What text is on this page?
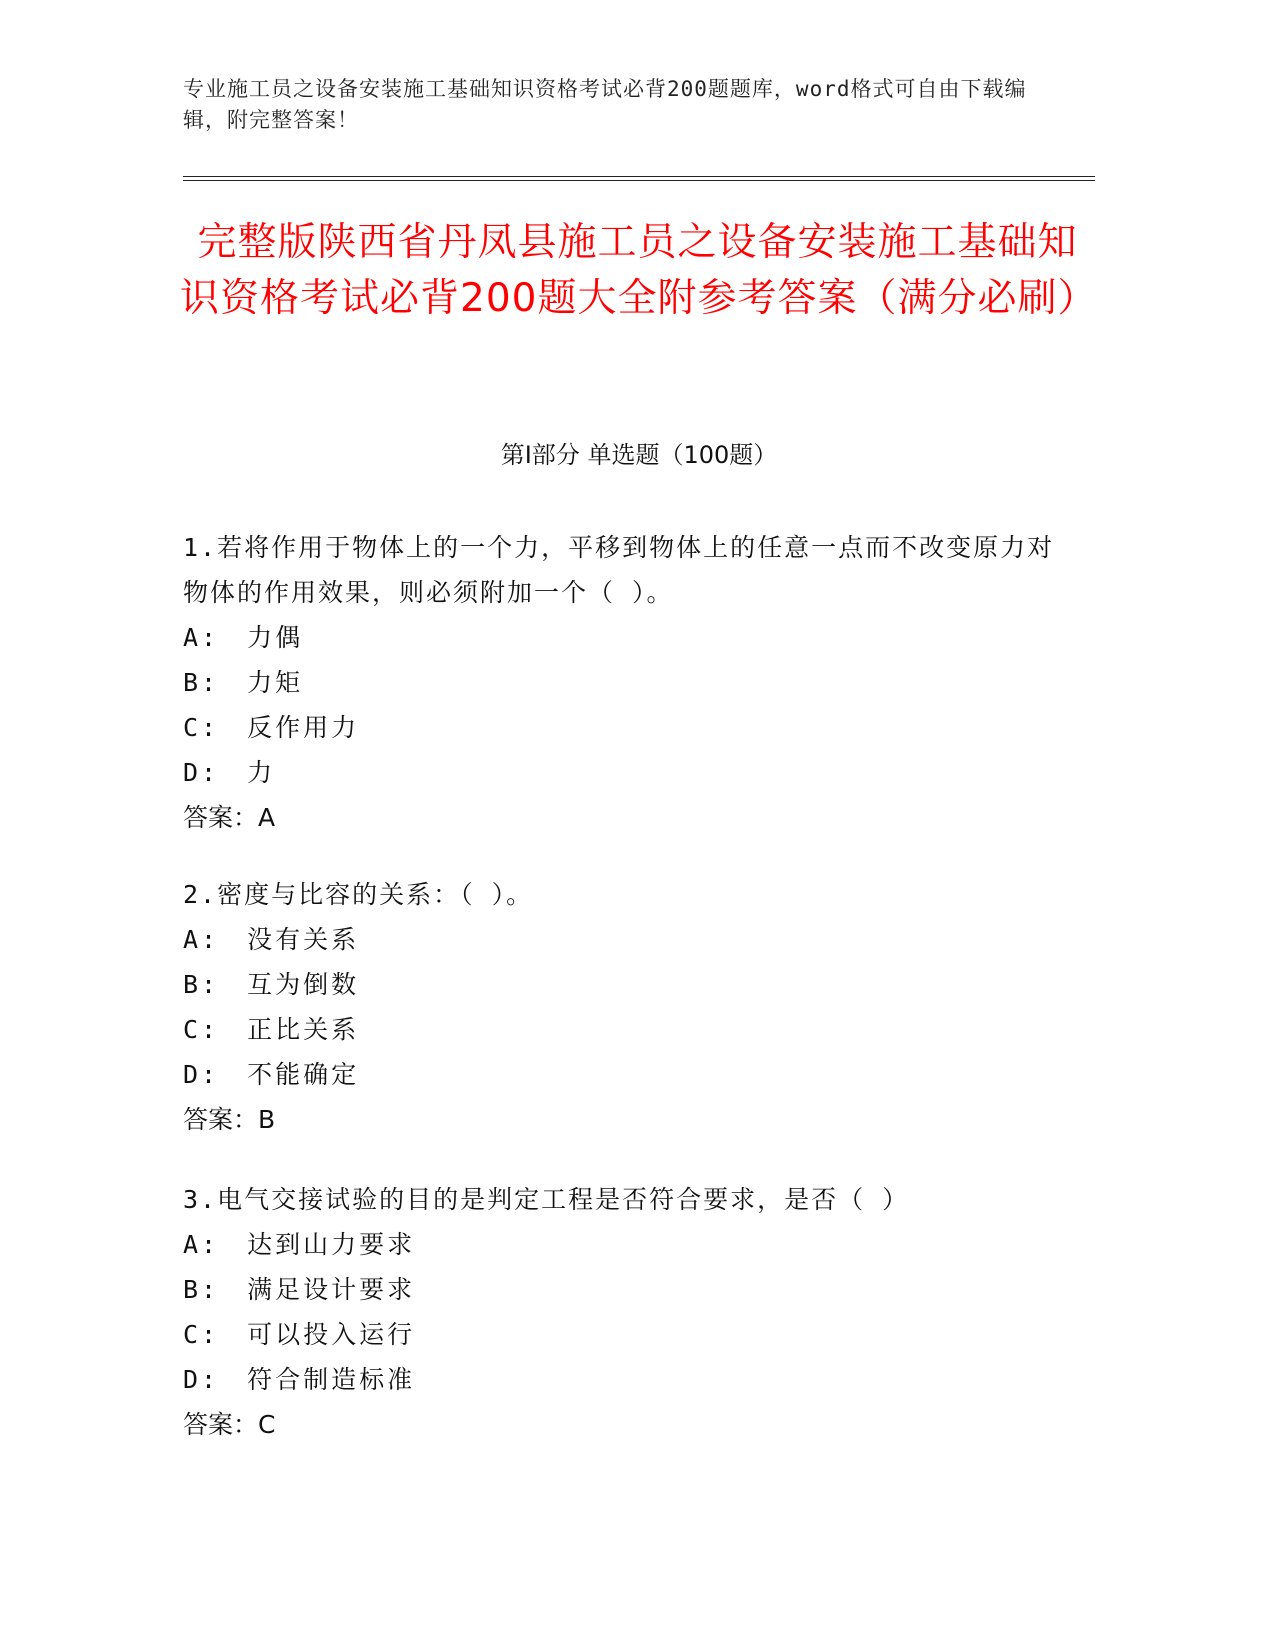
专业施工员之设备安装施工基础知识资格考试必背200题题库，word格式可自由下载编辑，附完整答案！
完整版陕西省丹凤县施工员之设备安装施工基础知识资格考试必背200题大全附参考答案（满分必刷）
第Ⅰ部分 单选题（100题）

1.若将作用于物体上的一个力，平移到物体上的任意一点而不改变原力对物体的作用效果，则必须附加一个（ ）。

A:　力偶

B:　力矩

C:　反作用力

D:　力

答案：A

2.密度与比容的关系：（ ）。

A:　没有关系

B:　互为倒数

C:　正比关系

D:　不能确定

答案：B

3.电气交接试验的目的是判定工程是否符合要求，是否（ ）

A:　达到山力要求

B:　满足设计要求

C:　可以投入运行

D:　符合制造标准

答案：C
